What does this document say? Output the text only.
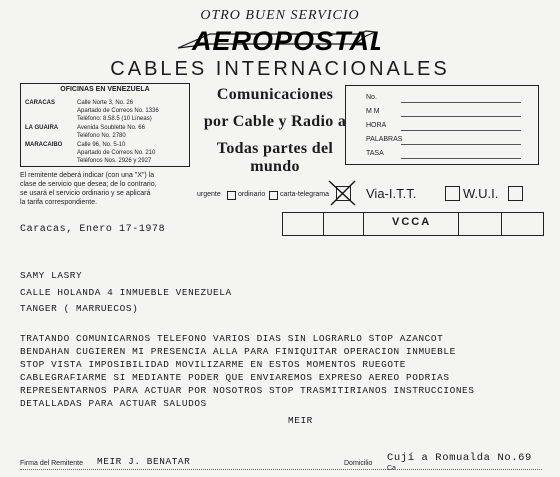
OTRO BUEN SERVICIO
AEROPOSTAL
CABLES INTERNACIONALES
OFICINAS EN VENEZUELA
CARACAS	Calle Norte 3, No. 26
Apartado de Correos No. 1336
Teléfono: 8.58.5 (10 Líneas)
LA GUAIRA	Avenida Soublette No. 66
Teléfono No. 2780
MARACAIBO	Calle 96, No. 5-10
Apartado de Correos No. 210
Teléfonos Nos. 2926 y 2927
Comunicaciones
por Cable y Radio a
Todas partes del mundo
No.
M M
HORA
PALABRAS
TASA
El remitente deberá indicar (con una "X") la
clase de servicio que desea; de lo contrario,
se usará el servicio ordinario y se aplicará
la tarifa correspondiente.
urgente ordinario carta-telegrama	Via-I.T.T.	W.U.I.
Caracas, Enero 17-1978
VCCA
SAMY LASRY
CALLE HOLANDA 4 INMUEBLE VENEZUELA
TANGER ( MARRUECOS)
TRATANDO COMUNICARNOS TELEFONO VARIOS DIAS SIN LOGRARLO STOP AZANCOT
BENDAHAN CUGIEREN MI PRESENCIA ALLA PARA FINIQUITAR OPERACION INMUEBLE
STOP VISTA IMPOSIBILIDAD MOVILIZARME EN ESTOS MOMENTOS RUEGOTE
CABLEGRAFIARME SI MEDIANTE PODER QUE ENVIAREMOS EXPRESO AEREO PODRIAS
REPRESENTARNOS PARA ACTUAR POR NOSOTROS STOP TRASMITIRIANOS INSTRUCCIONES
DETALLADAS PARA ACTUAR SALUDOS
MEIR
Firma del Remitente MEIR J. BENATAR	Domicilio Cují a Romualda No.69
Ca
